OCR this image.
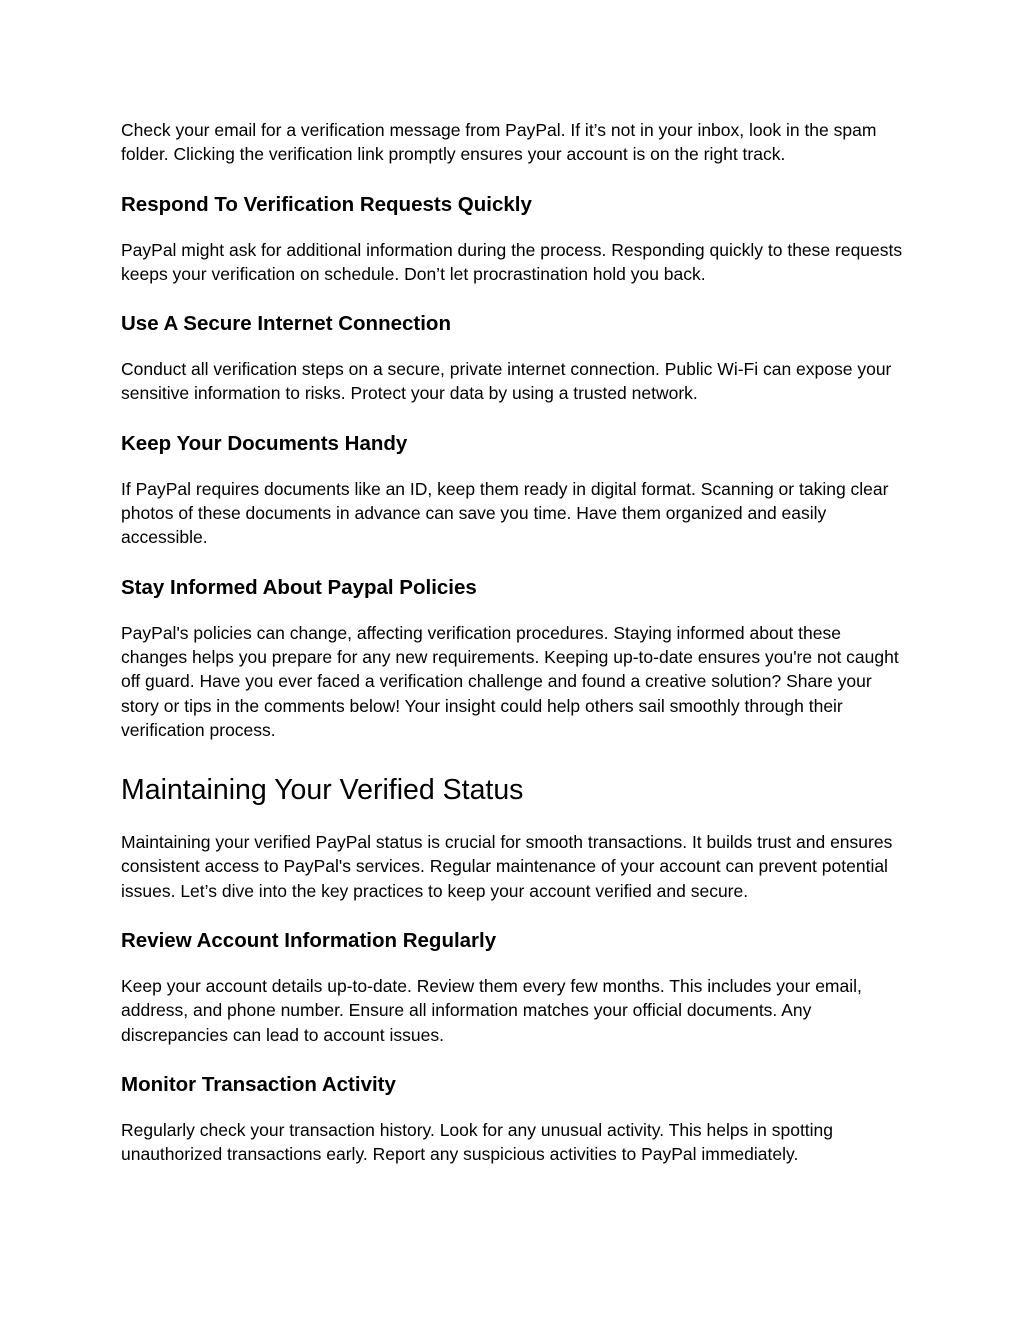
Check your email for a verification message from PayPal. If it’s not in your inbox, look in the spam folder. Clicking the verification link promptly ensures your account is on the right track.

Respond To Verification Requests Quickly

PayPal might ask for additional information during the process. Responding quickly to these requests keeps your verification on schedule. Don’t let procrastination hold you back.

Use A Secure Internet Connection

Conduct all verification steps on a secure, private internet connection. Public Wi-Fi can expose your sensitive information to risks. Protect your data by using a trusted network.

Keep Your Documents Handy

If PayPal requires documents like an ID, keep them ready in digital format. Scanning or taking clear photos of these documents in advance can save you time. Have them organized and easily accessible.

Stay Informed About Paypal Policies

PayPal's policies can change, affecting verification procedures. Staying informed about these changes helps you prepare for any new requirements. Keeping up-to-date ensures you're not caught off guard. Have you ever faced a verification challenge and found a creative solution? Share your story or tips in the comments below! Your insight could help others sail smoothly through their verification process.

Maintaining Your Verified Status

Maintaining your verified PayPal status is crucial for smooth transactions. It builds trust and ensures consistent access to PayPal's services. Regular maintenance of your account can prevent potential issues. Let’s dive into the key practices to keep your account verified and secure.

Review Account Information Regularly

Keep your account details up-to-date. Review them every few months. This includes your email, address, and phone number. Ensure all information matches your official documents. Any discrepancies can lead to account issues.

Monitor Transaction Activity

Regularly check your transaction history. Look for any unusual activity. This helps in spotting unauthorized transactions early. Report any suspicious activities to PayPal immediately.
